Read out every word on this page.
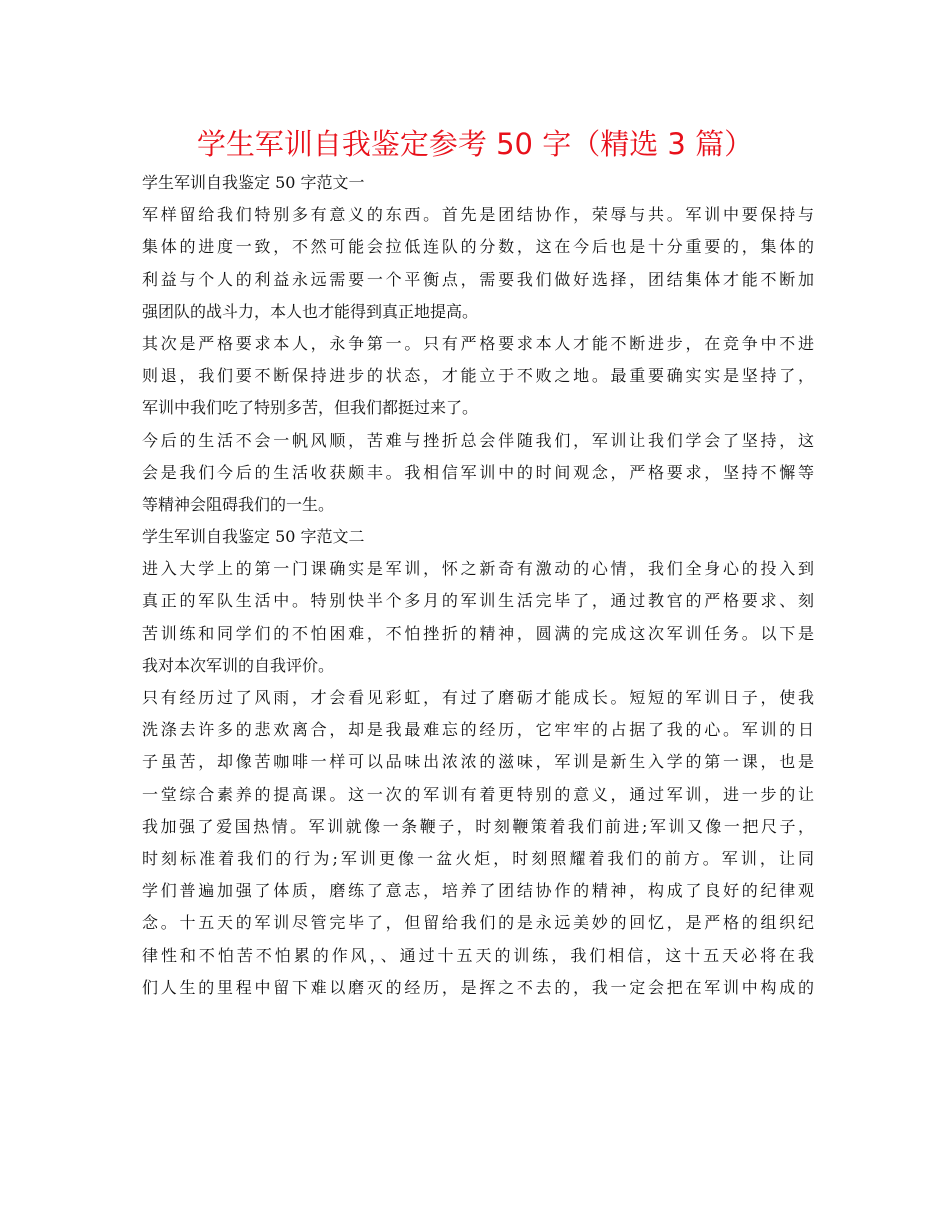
学生军训自我鉴定参考 50 字（精选 3 篇）
学生军训自我鉴定 50 字范文一
军样留给我们特别多有意义的东西。首先是团结协作，荣辱与共。军训中要保持与
集体的进度一致，不然可能会拉低连队的分数，这在今后也是十分重要的，集体的
利益与个人的利益永远需要一个平衡点，需要我们做好选择，团结集体才能不断加
强团队的战斗力，本人也才能得到真正地提高。
其次是严格要求本人，永争第一。只有严格要求本人才能不断进步，在竞争中不进
则退，我们要不断保持进步的状态，才能立于不败之地。最重要确实实是坚持了，
军训中我们吃了特别多苦，但我们都挺过来了。
今后的生活不会一帆风顺，苦难与挫折总会伴随我们，军训让我们学会了坚持，这
会是我们今后的生活收获颇丰。我相信军训中的时间观念，严格要求，坚持不懈等
等精神会阻碍我们的一生。
学生军训自我鉴定 50 字范文二
进入大学上的第一门课确实是军训，怀之新奇有激动的心情，我们全身心的投入到
真正的军队生活中。特别快半个多月的军训生活完毕了，通过教官的严格要求、刻
苦训练和同学们的不怕困难，不怕挫折的精神，圆满的完成这次军训任务。以下是
我对本次军训的自我评价。
只有经历过了风雨，才会看见彩虹，有过了磨砺才能成长。短短的军训日子，使我
洗涤去许多的悲欢离合，却是我最难忘的经历，它牢牢的占据了我的心。军训的日
子虽苦，却像苦咖啡一样可以品味出浓浓的滋味，军训是新生入学的第一课，也是
一堂综合素养的提高课。这一次的军训有着更特别的意义，通过军训，进一步的让
我加强了爱国热情。军训就像一条鞭子，时刻鞭策着我们前进;军训又像一把尺子，
时刻标准着我们的行为;军训更像一盆火炬，时刻照耀着我们的前方。军训，让同
学们普遍加强了体质，磨练了意志，培养了团结协作的精神，构成了良好的纪律观
念。十五天的军训尽管完毕了，但留给我们的是永远美妙的回忆，是严格的组织纪
律性和不怕苦不怕累的作风，、通过十五天的训练，我们相信，这十五天必将在我
们人生的里程中留下难以磨灭的经历，是挥之不去的，我一定会把在军训中构成的
